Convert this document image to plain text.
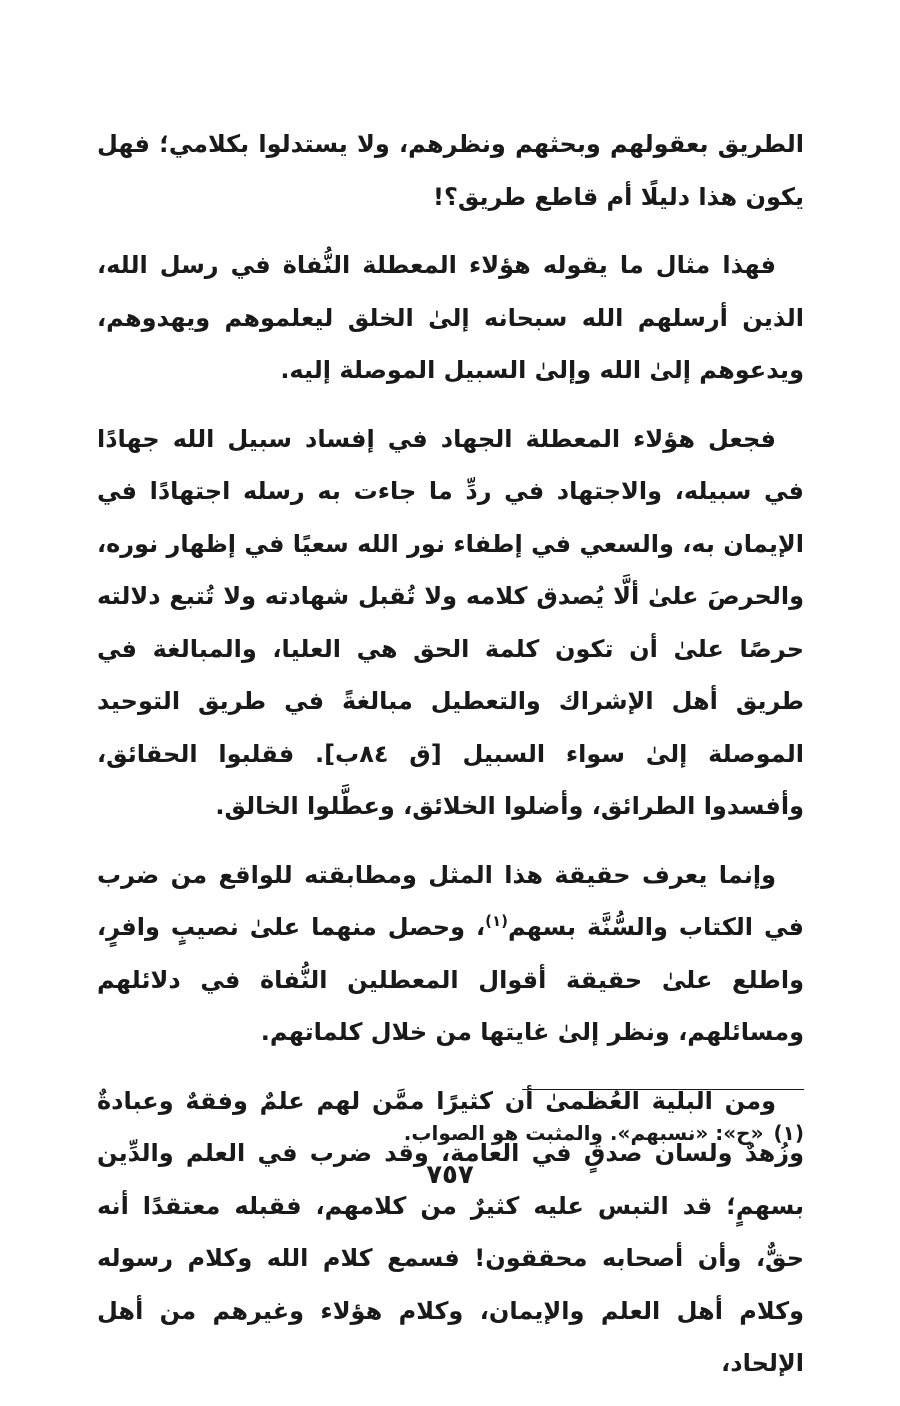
الطريق بعقولهم وبحثهم ونظرهم، ولا يستدلوا بكلامي؛ فهل يكون هذا دليلًا أم قاطع طريق؟!

فهذا مثال ما يقوله هؤلاء المعطلة النُّفاة في رسل الله، الذين أرسلهم الله سبحانه إلىٰ الخلق ليعلموهم ويهدوهم، ويدعوهم إلىٰ الله وإلىٰ السبيل الموصلة إليه.

فجعل هؤلاء المعطلة الجهاد في إفساد سبيل الله جهادًا في سبيله، والاجتهاد في ردِّ ما جاءت به رسله اجتهادًا في الإيمان به، والسعي في إطفاء نور الله سعيًا في إظهار نوره، والحرصَ علىٰ ألَّا يُصدق كلامه ولا تُقبل شهادته ولا تُتبع دلالته حرصًا علىٰ أن تكون كلمة الحق هي العليا، والمبالغة في طريق أهل الإشراك والتعطيل مبالغةً في طريق التوحيد الموصلة إلىٰ سواء السبيل [ق ٨٤ب]. فقلبوا الحقائق، وأفسدوا الطرائق، وأضلوا الخلائق، وعطَّلوا الخالق.

وإنما يعرف حقيقة هذا المثل ومطابقته للواقع من ضرب في الكتاب والسُّنَّة بسهم$^{(١)}$، وحصل منهما علىٰ نصيبٍ وافرٍ، واطلع علىٰ حقيقة أقوال المعطلين النُّفاة في دلائلهم ومسائلهم، ونظر إلىٰ غايتها من خلال كلماتهم.

ومن البلية العُظمىٰ أن كثيرًا ممَّن لهم علمٌ وفقهٌ وعبادةٌ وزُهدٌ ولسان صدقٍ في العامة، وقد ضرب في العلم والدِّين بسهمٍ؛ قد التبس عليه كثيرٌ من كلامهم، فقبله معتقدًا أنه حقٌّ، وأن أصحابه محققون! فسمع كلام الله وكلام رسوله وكلام أهل العلم والإيمان، وكلام هؤلاء وغيرهم من أهل الإلحاد،

(١)«ح»: «نسبهم». والمثبت هو الصواب.
٧٥٧
